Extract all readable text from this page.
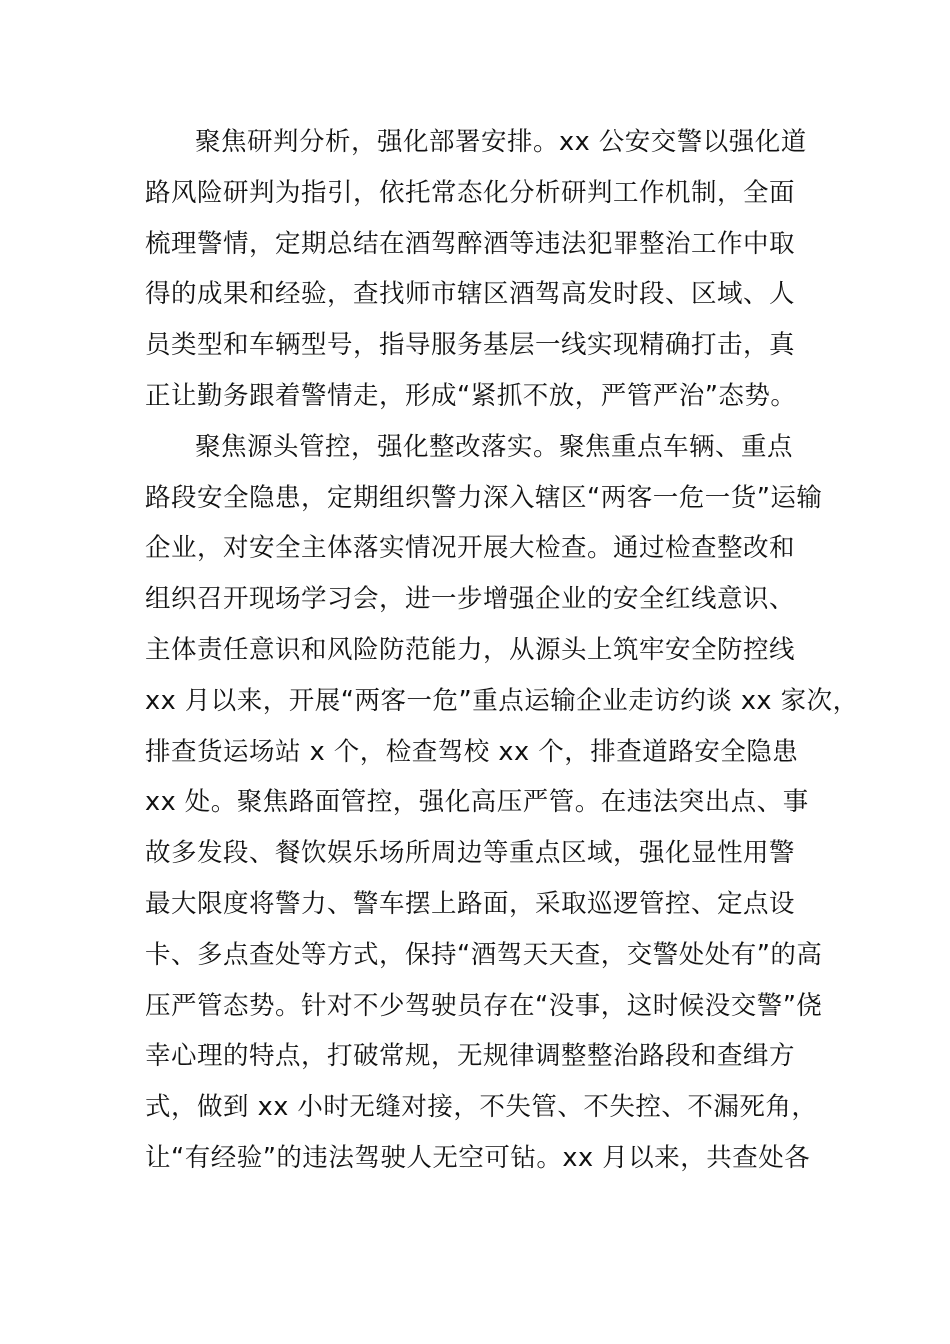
聚焦研判分析，强化部署安排。xx 公安交警以强化道
路风险研判为指引，依托常态化分析研判工作机制，全面
梳理警情，定期总结在酒驾醉酒等违法犯罪整治工作中取
得的成果和经验，查找师市辖区酒驾高发时段、区域、人
员类型和车辆型号，指导服务基层一线实现精确打击，真
正让勤务跟着警情走，形成“紧抓不放，严管严治”态势。
聚焦源头管控，强化整改落实。聚焦重点车辆、重点
路段安全隐患，定期组织警力深入辖区“两客一危一货”运输
企业，对安全主体落实情况开展大检查。通过检查整改和
组织召开现场学习会，进一步增强企业的安全红线意识、
主体责任意识和风险防范能力，从源头上筑牢安全防控线
xx 月以来，开展“两客一危”重点运输企业走访约谈 xx 家次，
排查货运场站 x 个，检查驾校 xx 个，排查道路安全隐患
xx 处。聚焦路面管控，强化高压严管。在违法突出点、事
故多发段、餐饮娱乐场所周边等重点区域，强化显性用警
最大限度将警力、警车摆上路面，采取巡逻管控、定点设
卡、多点查处等方式，保持“酒驾天天查，交警处处有”的高
压严管态势。针对不少驾驶员存在“没事，这时候没交警”侥
幸心理的特点，打破常规，无规律调整整治路段和查缉方
式，做到 xx 小时无缝对接，不失管、不失控、不漏死角，
让“有经验”的违法驾驶人无空可钻。xx 月以来，共查处各
